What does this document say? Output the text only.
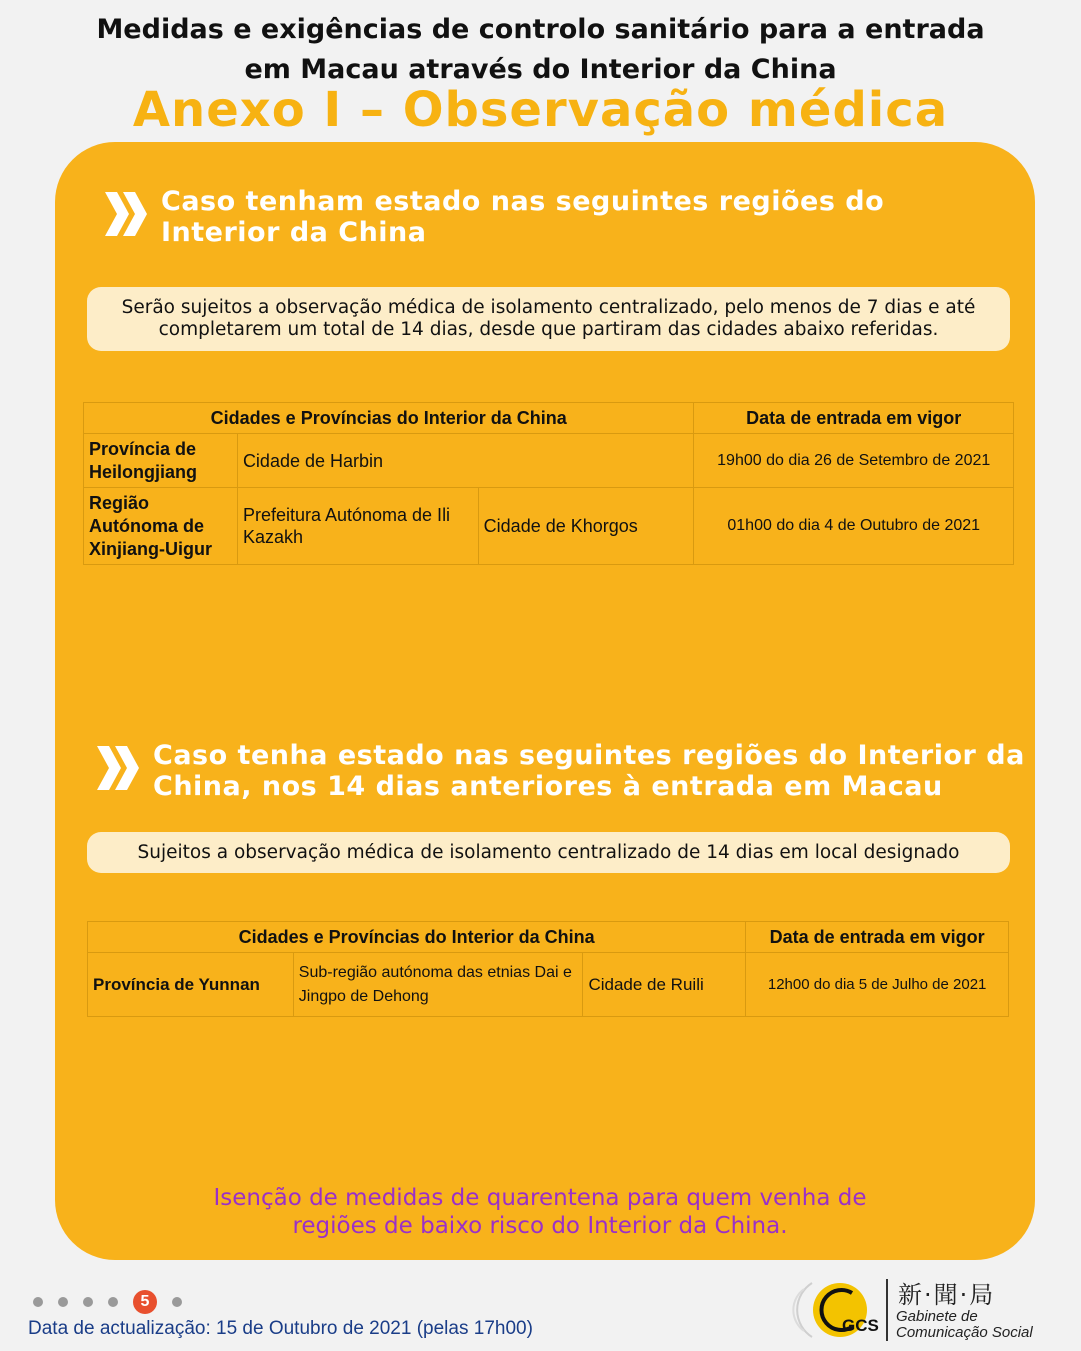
Medidas e exigências de controlo sanitário para a entrada
em Macau através do Interior da China
Anexo I – Observação médica
Caso tenham estado nas seguintes regiões do
Interior da China
Serão sujeitos a observação médica de isolamento centralizado, pelo menos de 7 dias e até
completarem um total de 14 dias, desde que partiram das cidades abaixo referidas.
Cidades e Províncias do Interior da China			Data de entrada em vigor
Província de Heilongjiang	Cidade de Harbin		19h00 do dia 26 de Setembro de 2021
Região Autónoma de Xinjiang-Uigur	Prefeitura Autónoma de Ili Kazakh	Cidade de Khorgos	01h00 do dia 4 de Outubro de 2021
Caso tenha estado nas seguintes regiões do Interior da
China, nos 14 dias anteriores à entrada em Macau
Sujeitos a observação médica de isolamento centralizado de 14 dias em local designado
Cidades e Províncias do Interior da China			Data de entrada em vigor
Província de Yunnan	Sub-região autónoma das etnias Dai e Jingpo de Dehong	Cidade de Ruili	12h00 do dia 5 de Julho de 2021
Isenção de medidas de quarentena para quem venha de
regiões de baixo risco do Interior da China.
5
Data de actualização: 15 de Outubro de 2021 (pelas 17h00)	GCS
新·聞·局
Gabinete de
Comunicação Social
